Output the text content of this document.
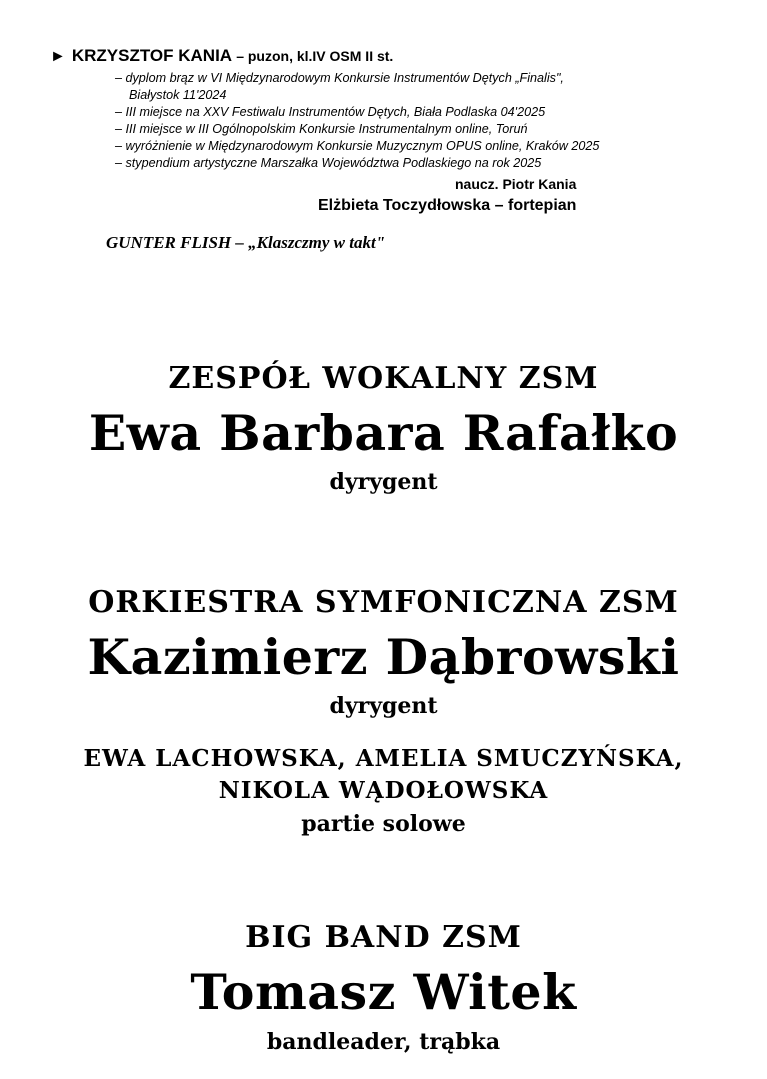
► KRZYSZTOF KANIA – puzon, kl.IV OSM II st.
– dyplom brąz w VI Międzynarodowym Konkursie Instrumentów Dętych „Finalis",
Białystok 11'2024
– III miejsce na XXV Festiwalu Instrumentów Dętych, Biała Podlaska 04'2025
– III miejsce w III Ogólnopolskim Konkursie Instrumentalnym online, Toruń
– wyróżnienie w Międzynarodowym Konkursie Muzycznym OPUS online, Kraków 2025
– stypendium artystyczne Marszałka Województwa Podlaskiego na rok 2025
naucz. Piotr Kania
Elżbieta Toczydłowska – fortepian
GUNTER FLISH – „Klaszczmy w takt"
ZESPÓŁ WOKALNY ZSM
Ewa Barbara Rafałko
dyrygent
ORKIESTRA SYMFONICZNA ZSM
Kazimierz Dąbrowski
dyrygent
EWA LACHOWSKA, AMELIA SMUCZYŃSKA,
NIKOLA WĄDOŁOWSKA
partie solowe
BIG BAND ZSM
Tomasz Witek
bandleader, trąbka
